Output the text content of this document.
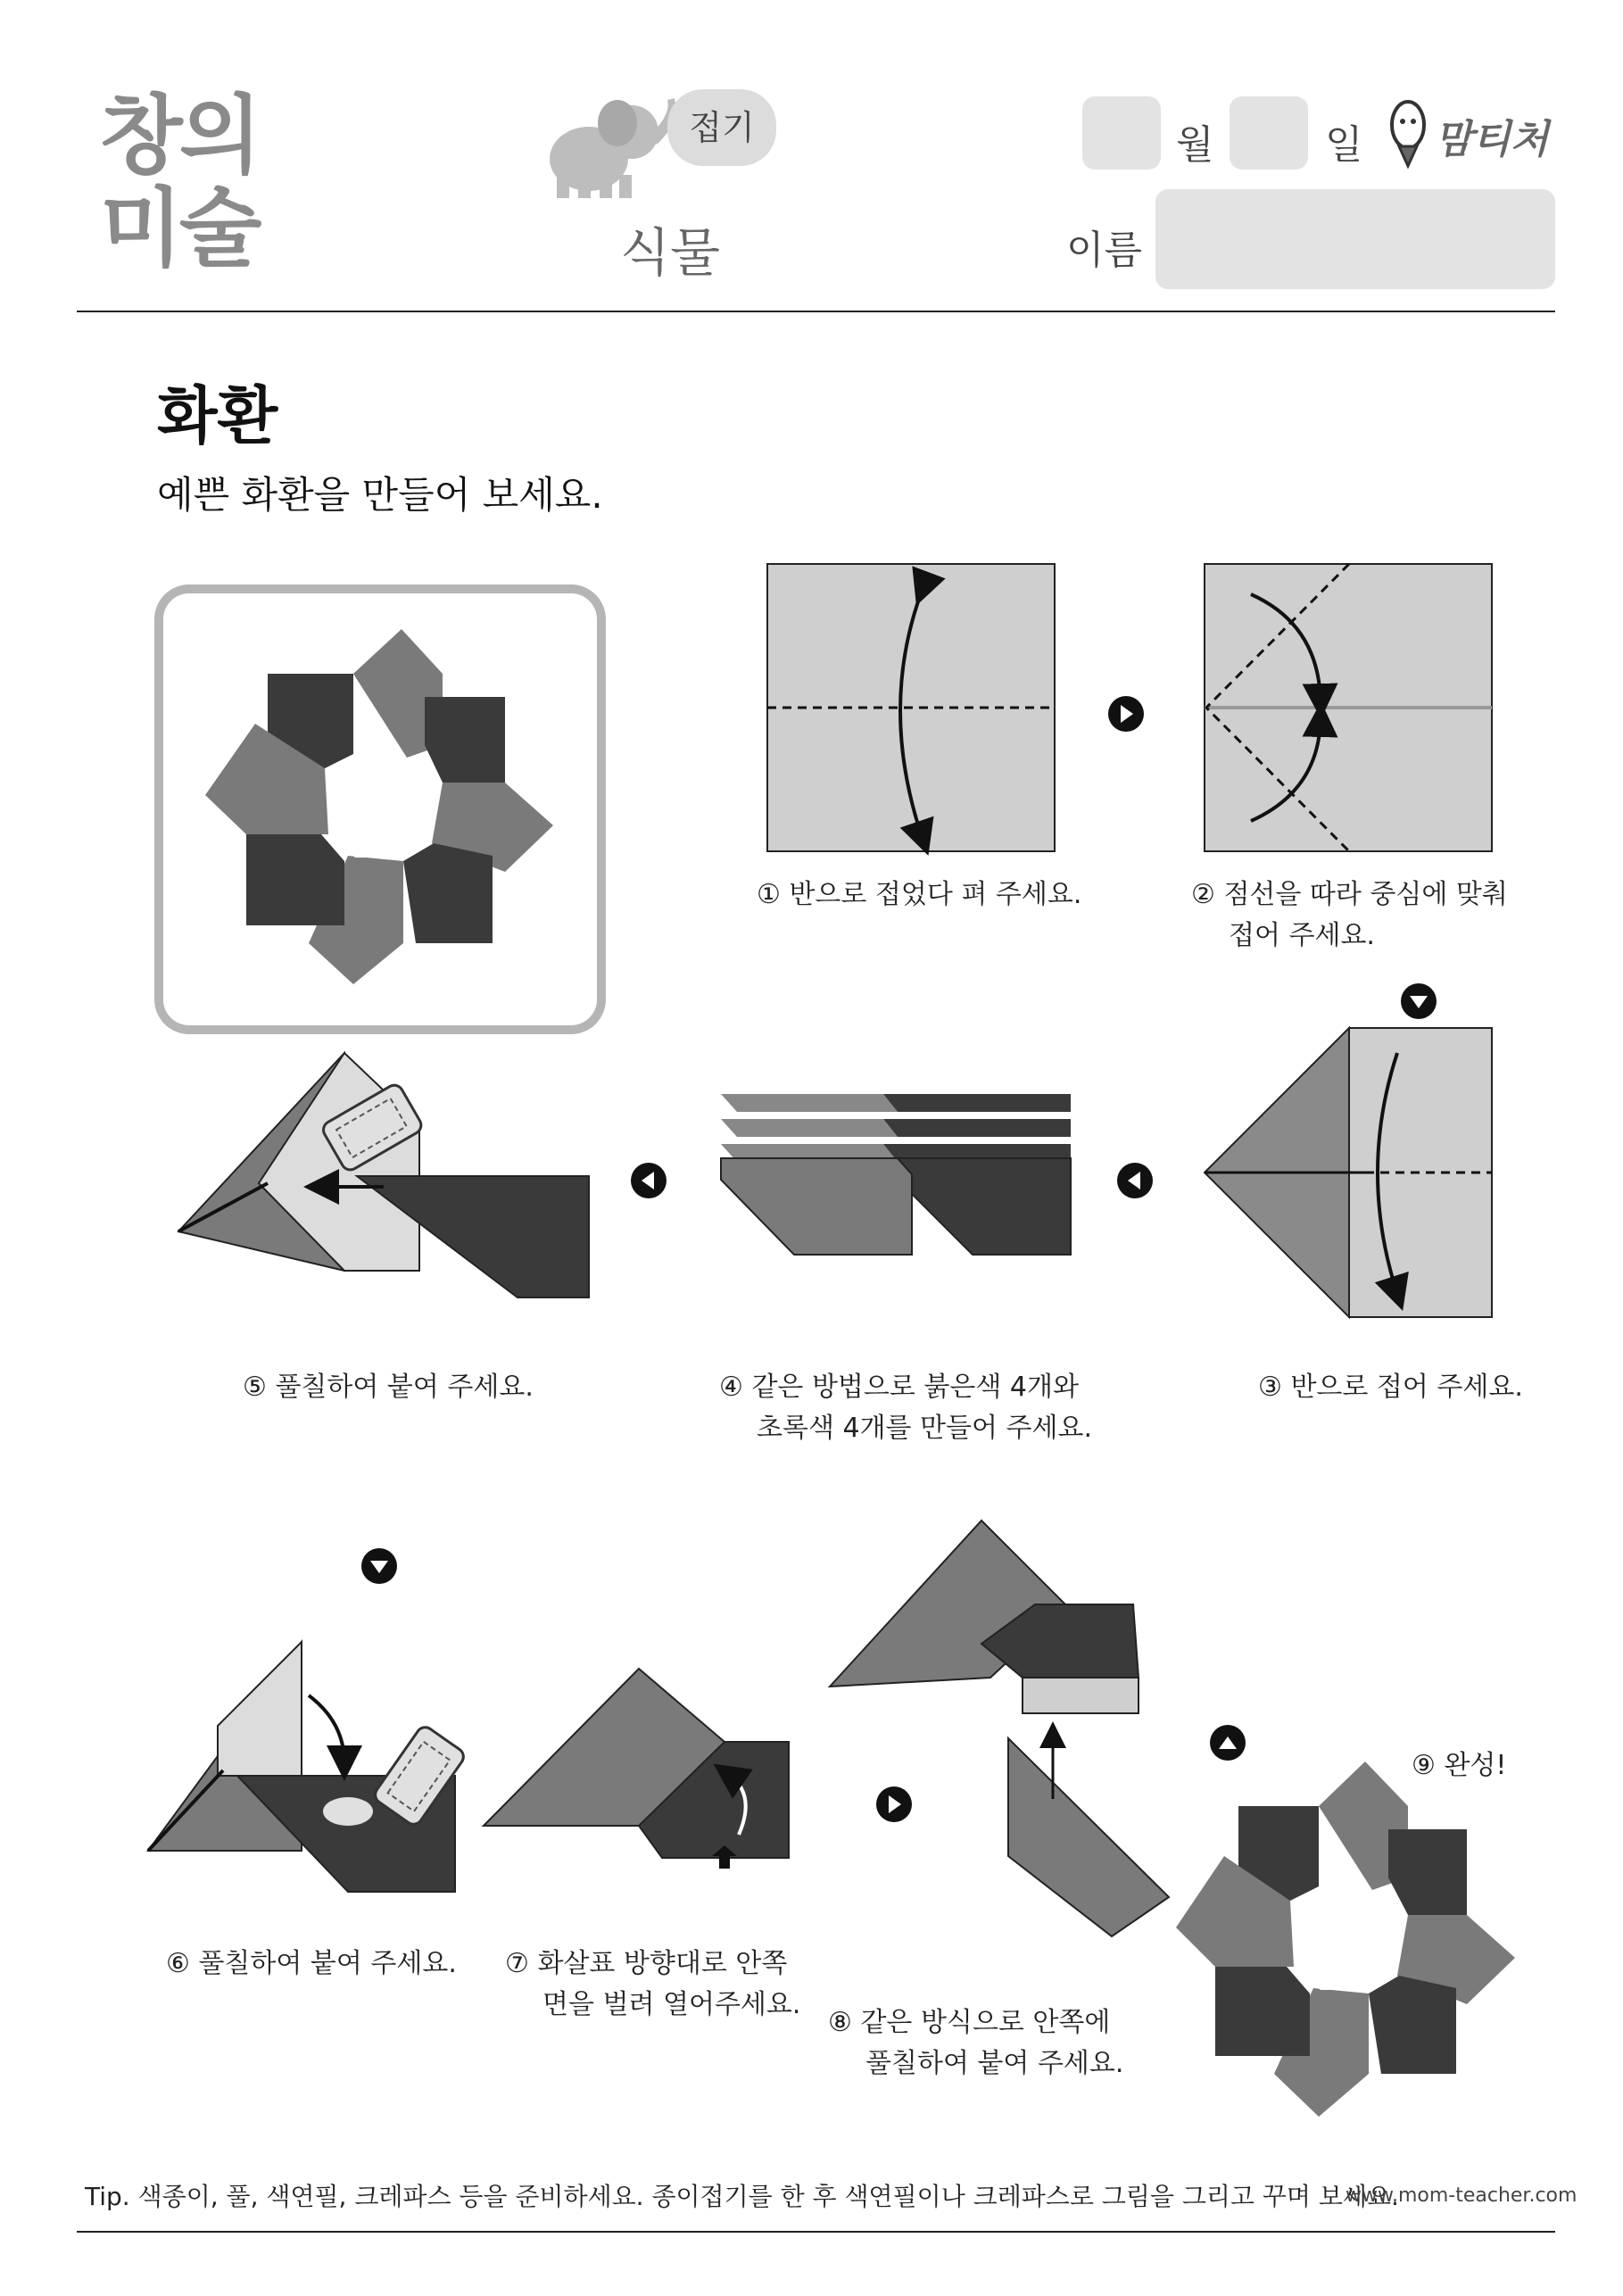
창의
미술
접기
식물
월	일 맘티처
이름
화환
예쁜 화환을 만들어 보세요.
① 반으로 접었다 펴 주세요.	② 점선을 따라 중심에 맞춰
접어 주세요.
③ 반으로 접어 주세요.
④ 같은 방법으로 붉은색 4개와
초록색 4개를 만들어 주세요.
⑤ 풀칠하여 붙여 주세요.
⑥ 풀칠하여 붙여 주세요. ⑦ 화살표 방향대로 안쪽
면을 벌려 열어주세요.
⑧ 같은 방식으로 안쪽에
풀칠하여 붙여 주세요.
⑨ 완성!
Tip. 색종이, 풀, 색연필, 크레파스 등을 준비하세요. 종이접기를 한 후 색연필이나 크레파스로 그림을 그리고 꾸며 보세요.
www.mom-teacher.com
